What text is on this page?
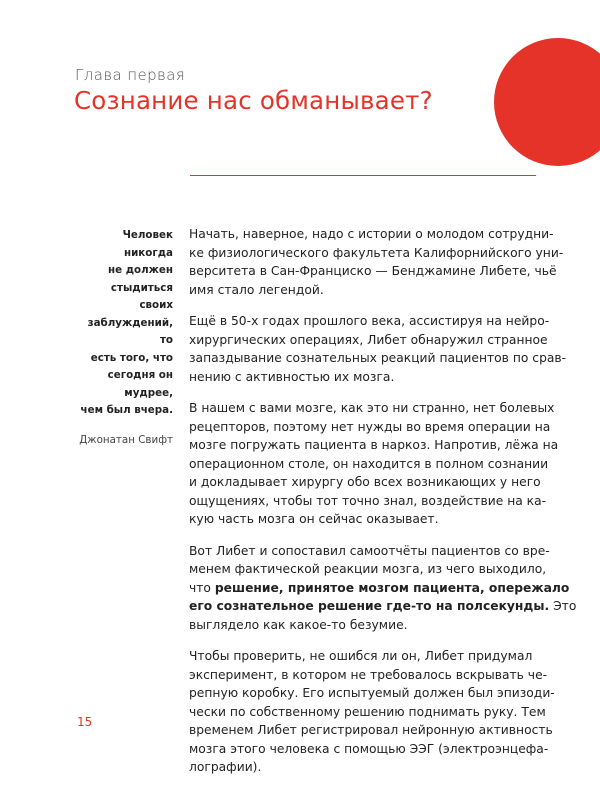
Глава первая

Сознание нас обманывает?

Человек никогда
не должен
стыдиться своих
заблуждений, то
есть того, что
сегодня он мудрее,
чем был вчера.

Джонатан Свифт

Начать, наверное, надо с истории о молодом сотрудни-
ке физиологического факультета Калифорнийского уни-
верситета в Сан-Франциско — Бенджамине Либете, чьё
имя стало легендой.

Ещё в 50-х годах прошлого века, ассистируя на нейро-
хирургических операциях, Либет обнаружил странное
запаздывание сознательных реакций пациентов по срав-
нению с активностью их мозга.

В нашем с вами мозге, как это ни странно, нет болевых
рецепторов, поэтому нет нужды во время операции на
мозге погружать пациента в наркоз. Напротив, лёжа на
операционном столе, он находится в полном сознании
и докладывает хирургу обо всех возникающих у него
ощущениях, чтобы тот точно знал, воздействие на ка-
кую часть мозга он сейчас оказывает.

Вот Либет и сопоставил самоотчёты пациентов со вре-
менем фактической реакции мозга, из чего выходило,
что решение, принятое мозгом пациента, опережало
его сознательное решение где-то на полсекунды. Это
выглядело как какое-то безумие.

Чтобы проверить, не ошибся ли он, Либет придумал
эксперимент, в котором не требовалось вскрывать че-
репную коробку. Его испытуемый должен был эпизоди-
чески по собственному решению поднимать руку. Тем
временем Либет регистрировал нейронную активность
мозга этого человека с помощью ЭЭГ (электроэнцефа-
лографии).

15
